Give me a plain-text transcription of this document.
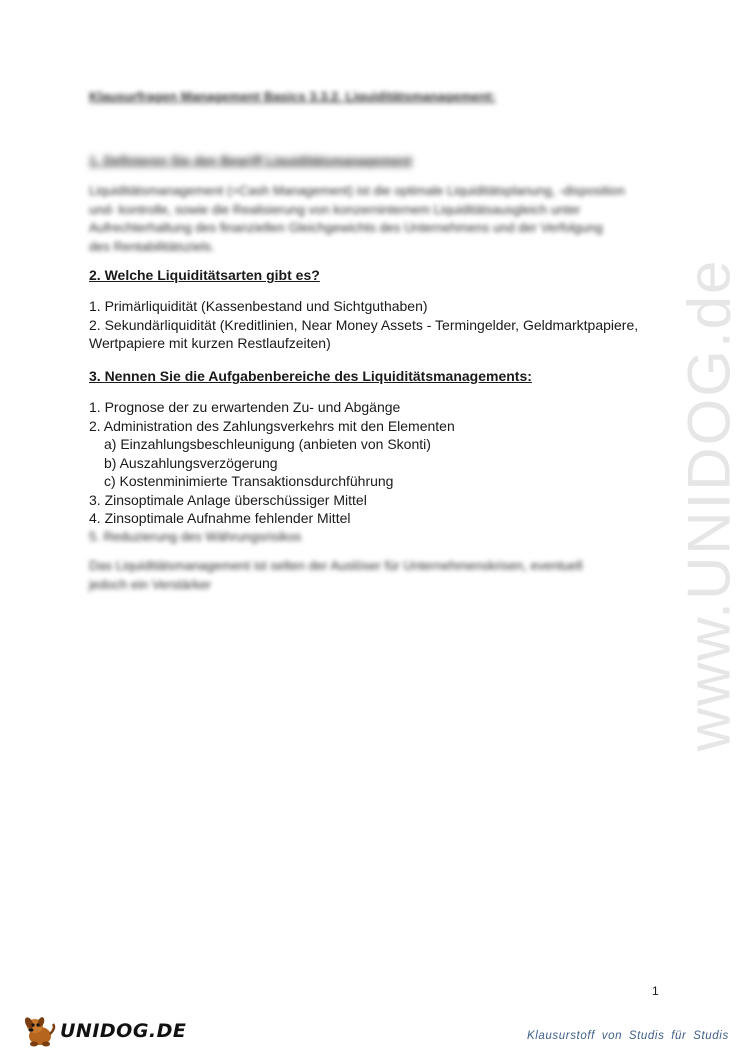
Klausurfragen Management Basics 3.3.2. Liquiditätsmanagement:
1. Definieren Sie den Begriff Liquiditätsmanagement

Liquiditätsmanagement (=Cash Management) ist die optimale Liquiditätsplanung, -disposition
und- kontrolle, sowie die Realisierung von konzerninternem Liquiditätsausgleich unter
Aufrechterhaltung des finanziellen Gleichgewichts des Unternehmens und der Verfolgung
des Rentabilitätsziels.

2. Welche Liquiditätsarten gibt es?
1. Primärliquidität (Kassenbestand und Sichtguthaben)
2. Sekundärliquidität (Kreditlinien, Near Money Assets - Termingelder, Geldmarktpapiere,
Wertpapiere mit kurzen Restlaufzeiten)
3. Nennen Sie die Aufgabenbereiche des Liquiditätsmanagements:
1. Prognose der zu erwartenden Zu- und Abgänge
2. Administration des Zahlungsverkehrs mit den Elementen
a) Einzahlungsbeschleunigung (anbieten von Skonti)
b) Auszahlungsverzögerung
c) Kostenminimierte Transaktionsdurchführung
3. Zinsoptimale Anlage überschüssiger Mittel
4. Zinsoptimale Aufnahme fehlender Mittel
5. Reduzierung des Währungsrisikos

Das Liquiditätsmanagement ist selten der Auslöser für Unternehmenskrisen, eventuell
jedoch ein Verstärker	www.UNIDOG.de
1
UNIDOG.DE	Klausurstoff von Studis für Studis
